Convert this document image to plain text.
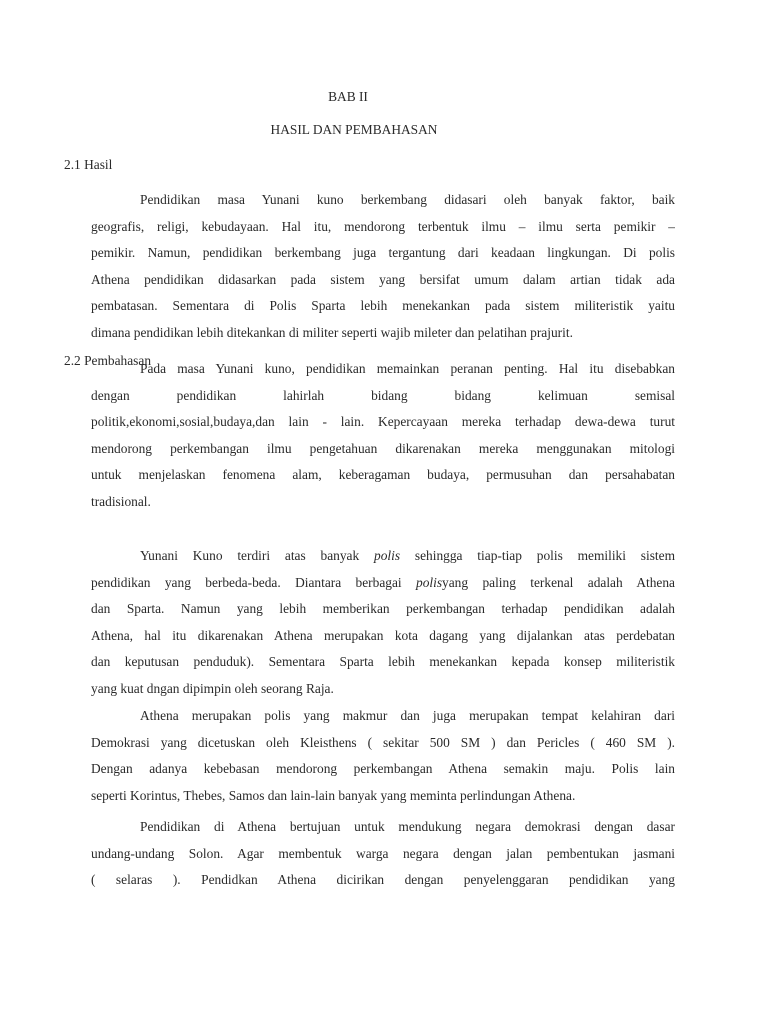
BAB II
HASIL DAN PEMBAHASAN
2.1 Hasil
Pendidikan masa Yunani kuno berkembang didasari oleh banyak faktor, baik
geografis, religi, kebudayaan. Hal itu, mendorong terbentuk ilmu – ilmu serta pemikir –
pemikir. Namun, pendidikan berkembang juga tergantung dari keadaan lingkungan. Di polis
Athena pendidikan didasarkan pada sistem yang bersifat umum dalam artian tidak ada
pembatasan. Sementara di Polis Sparta lebih menekankan pada sistem militeristik yaitu
dimana pendidikan lebih ditekankan di militer seperti wajib mileter dan pelatihan prajurit.
2.2 Pembahasan
Pada masa Yunani kuno, pendidikan memainkan peranan penting. Hal itu disebabkan
dengan pendidikan lahirlah bidang bidang kelimuan semisal
politik,ekonomi,sosial,budaya,dan lain - lain. Kepercayaan mereka terhadap dewa-dewa turut
mendorong perkembangan ilmu pengetahuan dikarenakan mereka menggunakan mitologi
untuk menjelaskan fenomena alam, keberagaman budaya, permusuhan dan persahabatan
tradisional.
Yunani Kuno terdiri atas banyak polis sehingga tiap-tiap polis memiliki sistem
pendidikan yang berbeda-beda. Diantara berbagai polisyang paling terkenal adalah Athena
dan Sparta. Namun yang lebih memberikan perkembangan terhadap pendidikan adalah
Athena, hal itu dikarenakan Athena merupakan kota dagang yang dijalankan atas perdebatan
dan keputusan penduduk). Sementara Sparta lebih menekankan kepada konsep militeristik
yang kuat dngan dipimpin oleh seorang Raja.
Athena merupakan polis yang makmur dan juga merupakan tempat kelahiran dari
Demokrasi yang dicetuskan oleh Kleisthens ( sekitar 500 SM ) dan Pericles ( 460 SM ).
Dengan adanya kebebasan mendorong perkembangan Athena semakin maju. Polis lain
seperti Korintus, Thebes, Samos dan lain-lain banyak yang meminta perlindungan Athena.
Pendidikan di Athena bertujuan untuk mendukung negara demokrasi dengan dasar
undang-undang Solon. Agar membentuk warga negara dengan jalan pembentukan jasmani
( selaras ). Pendidkan Athena dicirikan dengan penyelenggaran pendidikan yang
